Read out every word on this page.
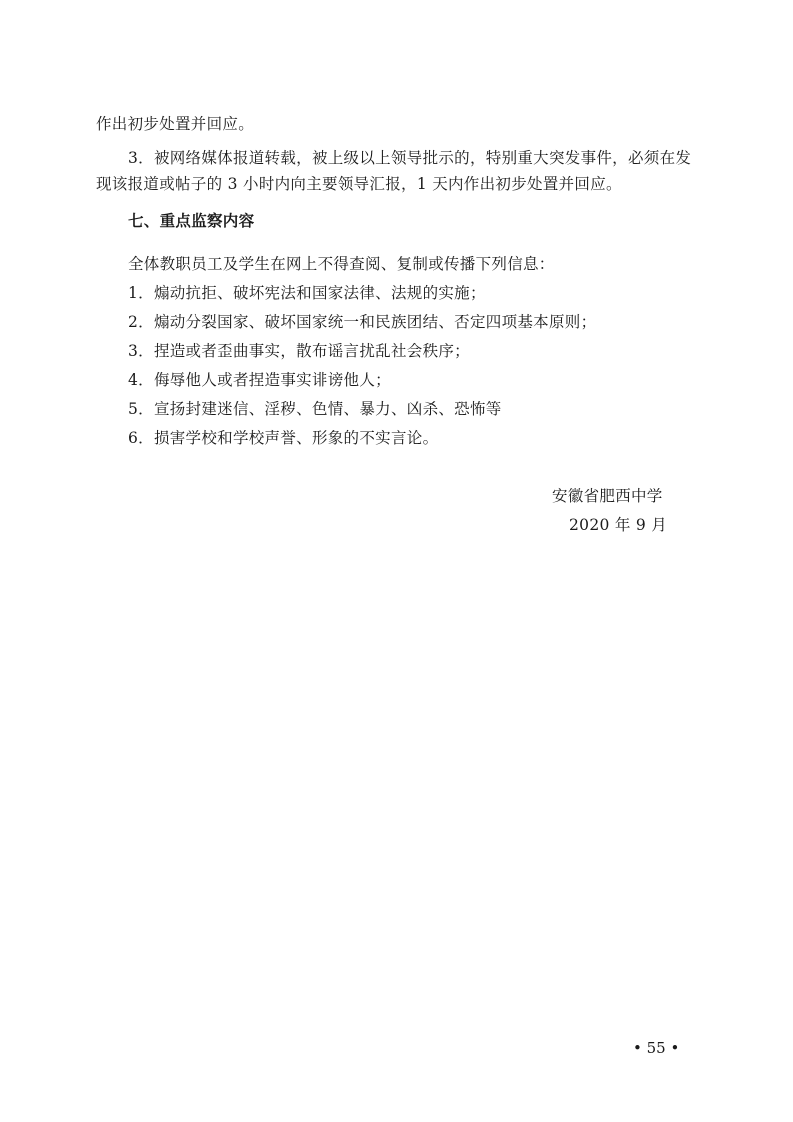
作出初步处置并回应。
3．被网络媒体报道转载，被上级以上领导批示的，特别重大突发事件，必须在发
现该报道或帖子的 3 小时内向主要领导汇报，1 天内作出初步处置并回应。
七、重点监察内容
全体教职员工及学生在网上不得查阅、复制或传播下列信息：
1．煽动抗拒、破坏宪法和国家法律、法规的实施；
2．煽动分裂国家、破坏国家统一和民族团结、否定四项基本原则；
3．捏造或者歪曲事实，散布谣言扰乱社会秩序；
4．侮辱他人或者捏造事实诽谤他人；
5．宣扬封建迷信、淫秽、色情、暴力、凶杀、恐怖等
6．损害学校和学校声誉、形象的不实言论。
安徽省肥西中学
2020 年 9 月
• 55 •
